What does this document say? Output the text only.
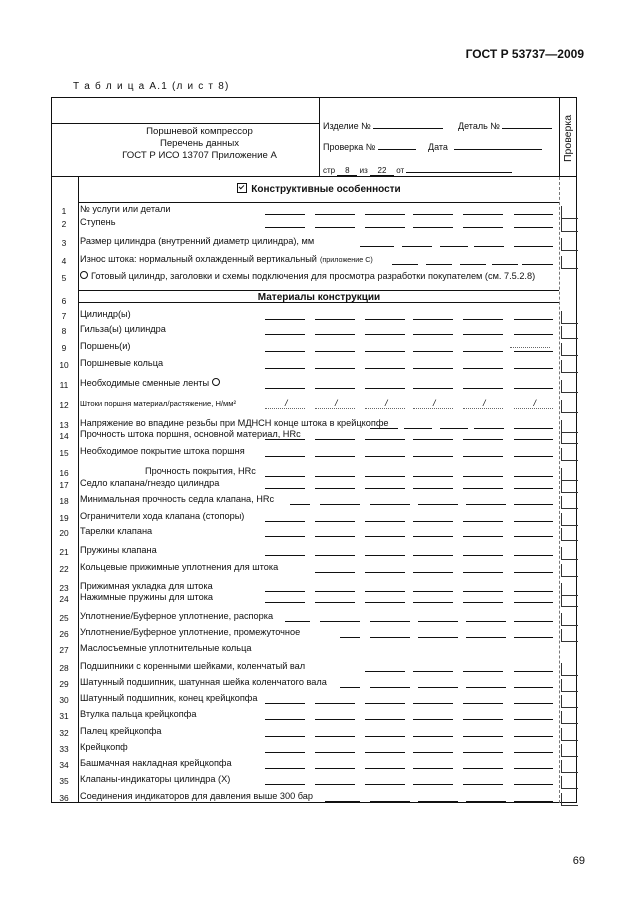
ГОСТ Р 53737—2009
Т а б л и ц а А.1 (л и с т 8)
Поршневой компрессор
Перечень данных
ГОСТ Р ИСО 13707 Приложение А
Изделие №	Деталь №
Проверка №	Дата
стр 8 из 22 от
Проверка
Конструктивные особенности
Материалы конструкции
1	№ услуги или детали
2	Ступень
3	Размер цилиндра (внутренний диаметр цилиндра), мм
4	Износ штока: нормальный охлажденный вертикальный (приложение С)
5	Готовый цилиндр, заголовки и схемы подключения для просмотра разработки покупателем (см. 7.5.2.8)
6
7	Цилиндр(ы)
8	Гильза(ы) цилиндра
9	Поршень(и)
10	Поршневые кольца
11	Необходимые сменные ленты
12	Штоки поршня материал/растяжение, Н/мм²	/	/	/	/	/	/
13	Напряжение во впадине резьбы при МДНСН конце штока в крейцкопфе
14	Прочность штока поршня, основной материал, HRc
15	Необходимое покрытие штока поршня
16	Прочность покрытия, HRc
17	Седло клапана/гнездо цилиндра
18	Минимальная прочность седла клапана, HRc
19	Ограничители хода клапана (стопоры)
20	Тарелки клапана
21	Пружины клапана
22	Кольцевые прижимные уплотнения для штока
23	Прижимная укладка для штока
24	Нажимные пружины для штока
25	Уплотнение/Буферное уплотнение, распорка
26	Уплотнение/Буферное уплотнение, промежуточное
27	Маслосъемные уплотнительные кольца
28	Подшипники с коренными шейками, коленчатый вал
29	Шатунный подшипник, шатунная шейка коленчатого вала
30	Шатунный подшипник, конец крейцкопфа
31	Втулка пальца крейцкопфа
32	Палец крейцкопфа
33	Крейцкопф
34	Башмачная накладная крейцкопфа
35	Клапаны-индикаторы цилиндра (X)
36	Соединения индикаторов для давления выше 300 бар
69
